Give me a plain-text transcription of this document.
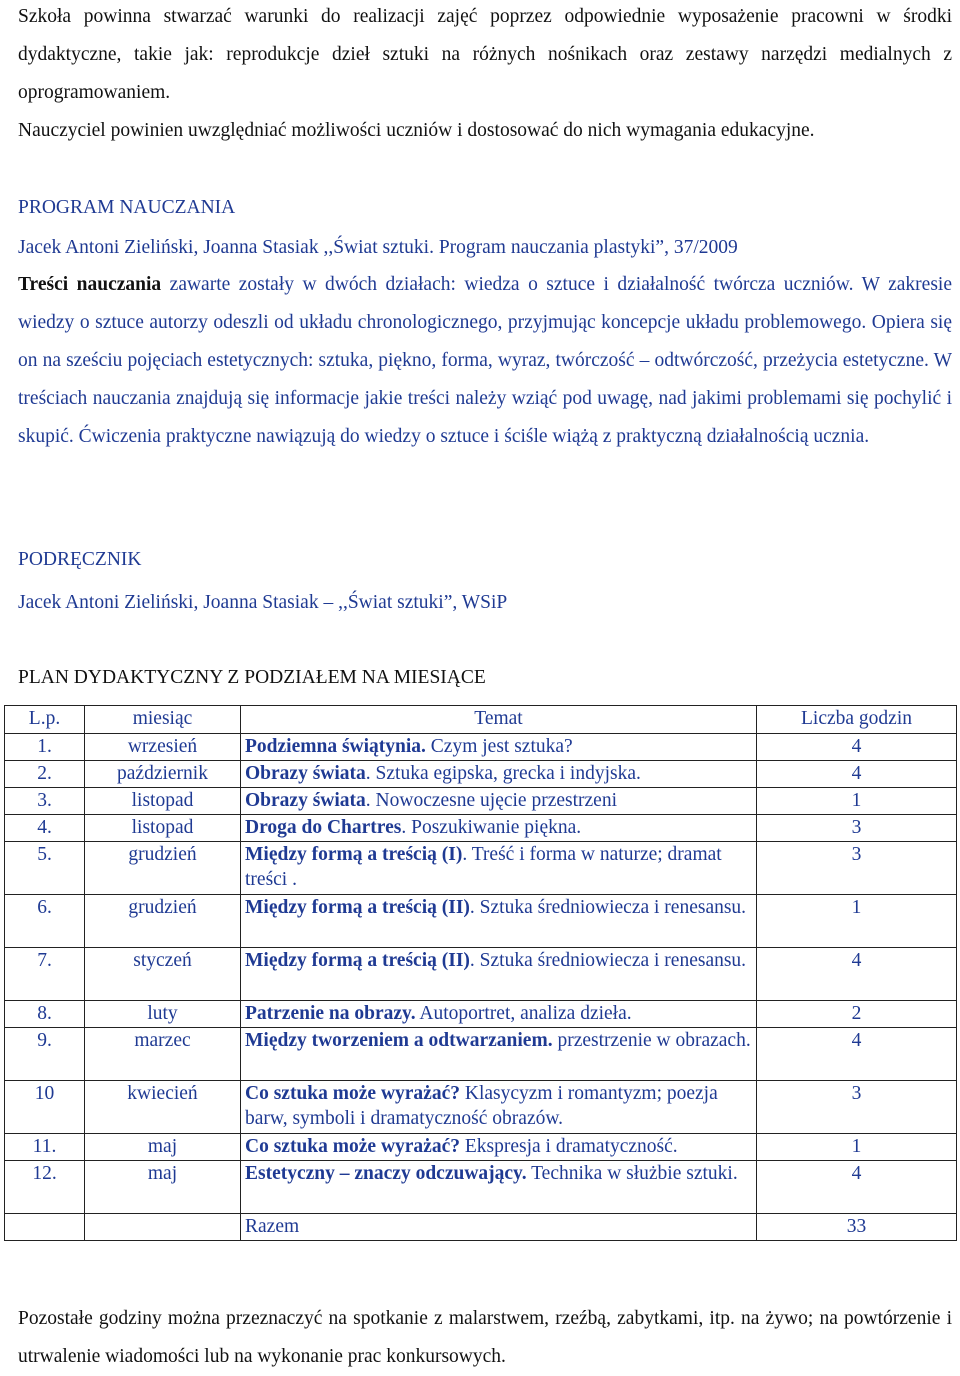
Szkoła powinna stwarzać warunki do realizacji zajęć poprzez odpowiednie wyposażenie pracowni w środki dydaktyczne, takie jak: reprodukcje dzieł sztuki na różnych nośnikach oraz zestawy narzędzi medialnych z oprogramowaniem.

Nauczyciel powinien uwzględniać możliwości uczniów i dostosować do nich wymagania edukacyjne.

PROGRAM NAUCZANIA
Jacek Antoni Zieliński, Joanna Stasiak ,,Świat sztuki. Program nauczania plastyki”, 37/2009

Treści nauczania zawarte zostały w dwóch działach: wiedza o sztuce i działalność twórcza uczniów. W zakresie wiedzy o sztuce autorzy odeszli od układu chronologicznego, przyjmując koncepcje układu problemowego. Opiera się on na sześciu pojęciach estetycznych: sztuka, piękno, forma, wyraz, twórczość – odtwórczość, przeżycia estetyczne. W treściach nauczania znajdują się informacje jakie treści należy wziąć pod uwagę, nad jakimi problemami się pochylić i skupić. Ćwiczenia praktyczne nawiązują do wiedzy o sztuce i ściśle wiążą z praktyczną działalnością ucznia.

PODRĘCZNIK
Jacek Antoni Zieliński, Joanna Stasiak – ,,Świat sztuki”, WSiP
PLAN DYDAKTYCZNY Z PODZIAŁEM NA MIESIĄCE
L.p.	miesiąc	Temat	Liczba godzin
1.	wrzesień	Podziemna świątynia. Czym jest sztuka?	4
2.	październik	Obrazy świata. Sztuka egipska, grecka i indyjska.	4
3.	listopad	Obrazy świata. Nowoczesne ujęcie przestrzeni	1
4.	listopad	Droga do Chartres. Poszukiwanie piękna.	3
5.	grudzień	Między formą a treścią (I). Treść i forma w naturze; dramat treści .	3
6.	grudzień	Między formą a treścią (II). Sztuka średniowiecza i renesansu.	1
7.	styczeń	Między formą a treścią (II). Sztuka średniowiecza i renesansu.	4
8.	luty	Patrzenie na obrazy. Autoportret, analiza dzieła.	2
9.	marzec	Między tworzeniem a odtwarzaniem. przestrzenie w obrazach.	4
10	kwiecień	Co sztuka może wyrażać? Klasycyzm i romantyzm; poezja barw, symboli i dramatyczność obrazów.	3
11.	maj	Co sztuka może wyrażać? Ekspresja i dramatyczność.	1
12.	maj	Estetyczny – znaczy odczuwający. Technika w służbie sztuki.	4
		Razem	33

Pozostałe godziny można przeznaczyć na spotkanie z malarstwem, rzeźbą, zabytkami, itp. na żywo; na powtórzenie i utrwalenie wiadomości lub na wykonanie prac konkursowych.
